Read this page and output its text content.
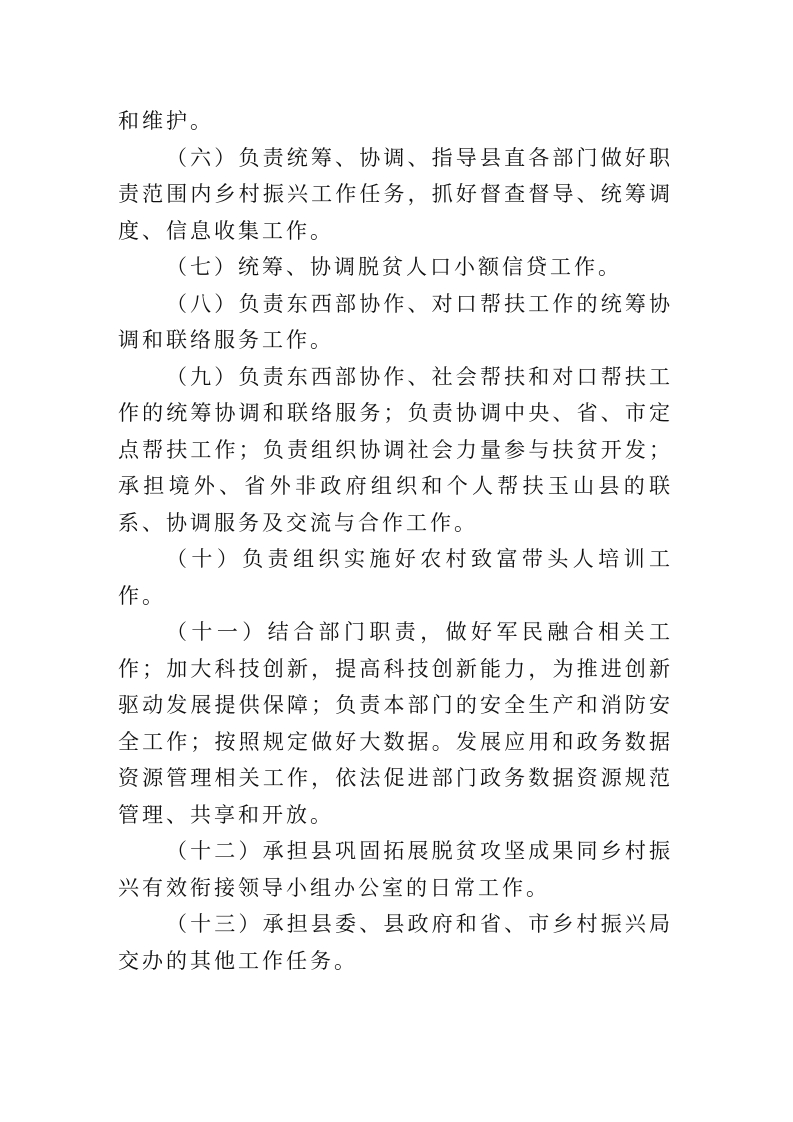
和维护。

（六）负责统筹、协调、指导县直各部门做好职责范围内乡村振兴工作任务，抓好督查督导、统筹调度、信息收集工作。

（七）统筹、协调脱贫人口小额信贷工作。

（八）负责东西部协作、对口帮扶工作的统筹协调和联络服务工作。

（九）负责东西部协作、社会帮扶和对口帮扶工作的统筹协调和联络服务；负责协调中央、省、市定点帮扶工作；负责组织协调社会力量参与扶贫开发；承担境外、省外非政府组织和个人帮扶玉山县的联系、协调服务及交流与合作工作。

（十）负责组织实施好农村致富带头人培训工作。

（十一）结合部门职责，做好军民融合相关工作；加大科技创新，提高科技创新能力，为推进创新驱动发展提供保障；负责本部门的安全生产和消防安全工作；按照规定做好大数据。发展应用和政务数据资源管理相关工作，依法促进部门政务数据资源规范管理、共享和开放。

（十二）承担县巩固拓展脱贫攻坚成果同乡村振兴有效衔接领导小组办公室的日常工作。

（十三）承担县委、县政府和省、市乡村振兴局交办的其他工作任务。
